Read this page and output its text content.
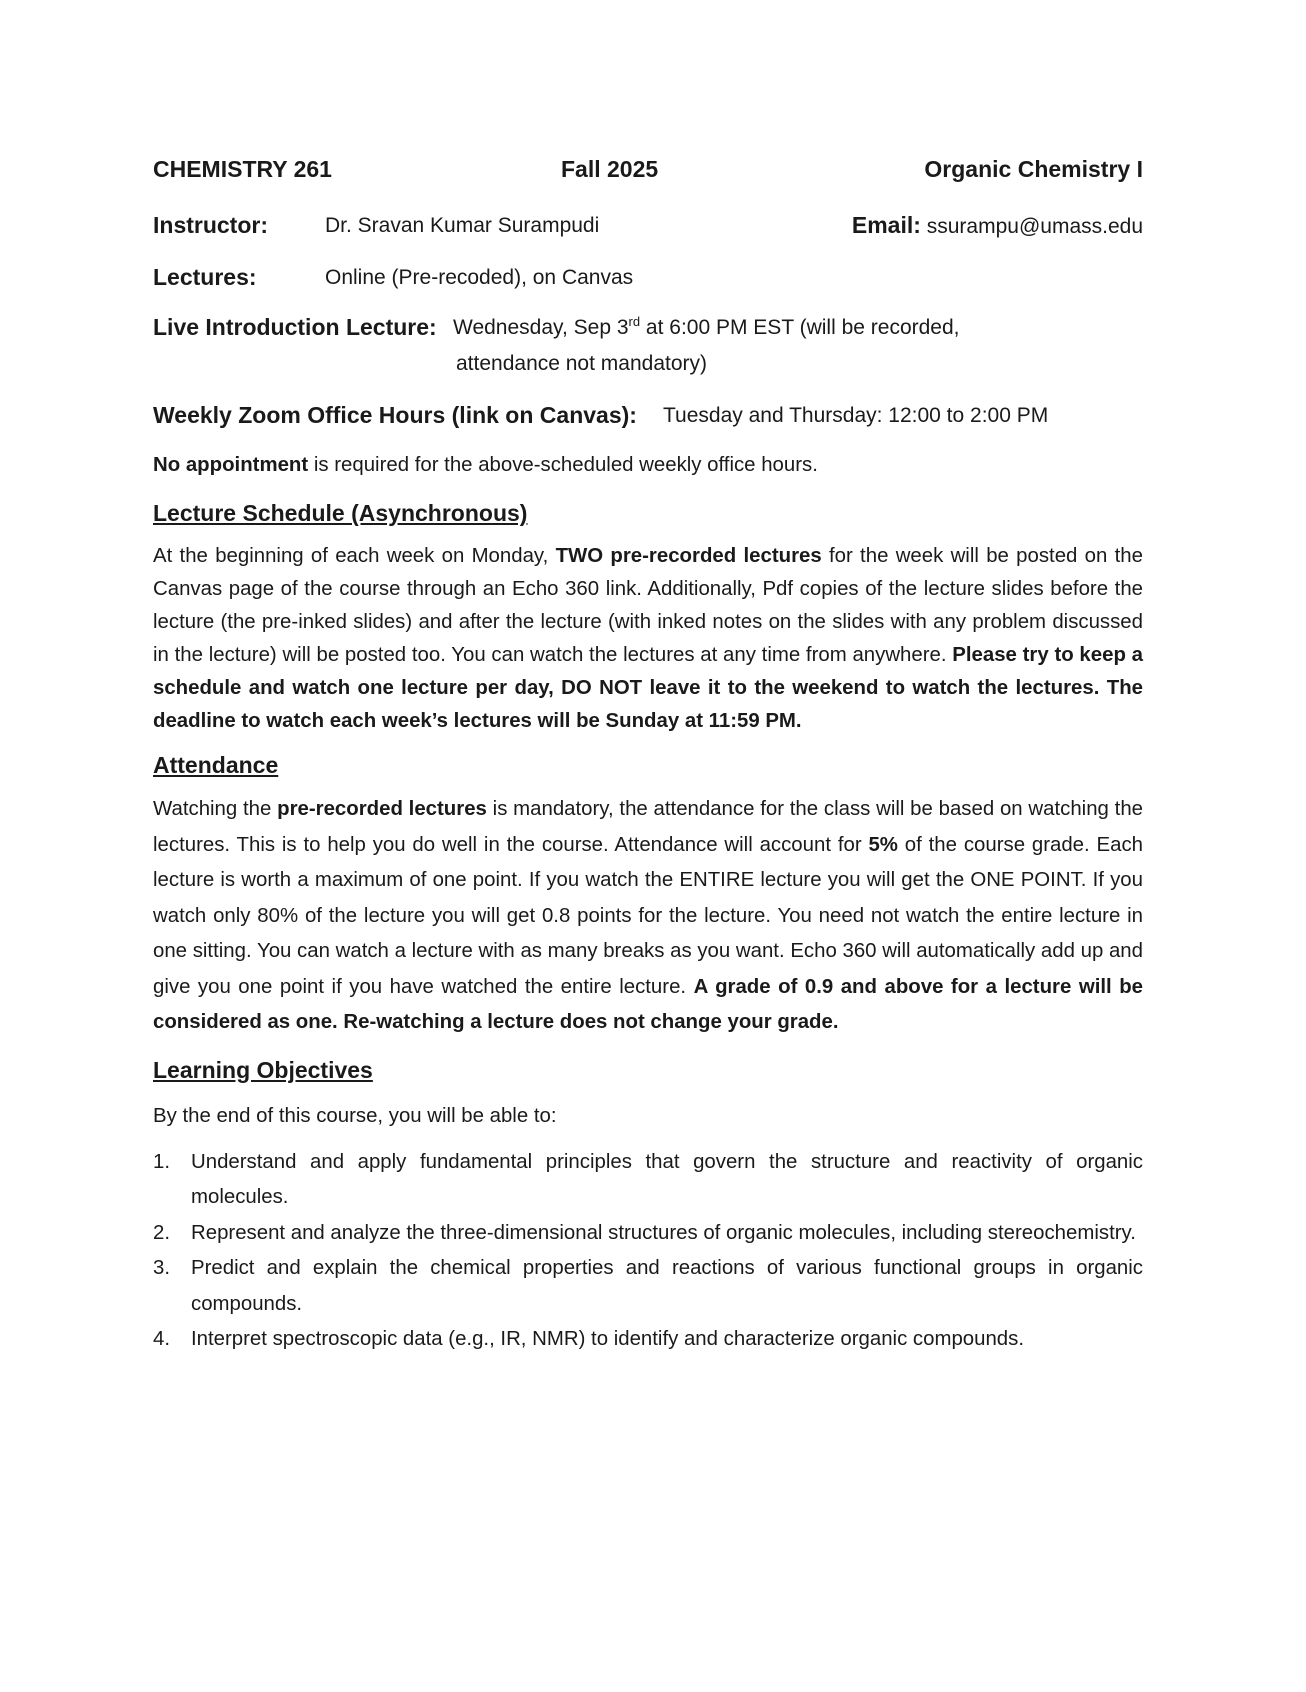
CHEMISTRY 261	Fall 2025	Organic Chemistry I
Instructor:	Dr. Sravan Kumar Surampudi	Email: ssurampu@umass.edu
Lectures:	Online (Pre-recoded), on Canvas
Live Introduction Lecture: Wednesday, Sep 3rd at 6:00 PM EST (will be recorded,
attendance not mandatory)
Weekly Zoom Office Hours (link on Canvas): Tuesday and Thursday: 12:00 to 2:00 PM

No appointment is required for the above-scheduled weekly office hours.

Lecture Schedule (Asynchronous)

At the beginning of each week on Monday, TWO pre-recorded lectures for the week will be posted on the Canvas page of the course through an Echo 360 link. Additionally, Pdf copies of the lecture slides before the lecture (the pre-inked slides) and after the lecture (with inked notes on the slides with any problem discussed in the lecture) will be posted too. You can watch the lectures at any time from anywhere. Please try to keep a schedule and watch one lecture per day, DO NOT leave it to the weekend to watch the lectures. The deadline to watch each week’s lectures will be Sunday at 11:59 PM.

Attendance

Watching the pre-recorded lectures is mandatory, the attendance for the class will be based on watching the lectures. This is to help you do well in the course. Attendance will account for 5% of the course grade. Each lecture is worth a maximum of one point. If you watch the ENTIRE lecture you will get the ONE POINT. If you watch only 80% of the lecture you will get 0.8 points for the lecture. You need not watch the entire lecture in one sitting. You can watch a lecture with as many breaks as you want. Echo 360 will automatically add up and give you one point if you have watched the entire lecture. A grade of 0.9 and above for a lecture will be considered as one. Re-watching a lecture does not change your grade.

Learning Objectives

By the end of this course, you will be able to:

1. Understand and apply fundamental principles that govern the structure and reactivity of organic molecules.
2. Represent and analyze the three-dimensional structures of organic molecules, including stereochemistry.
3. Predict and explain the chemical properties and reactions of various functional groups in organic compounds.
4. Interpret spectroscopic data (e.g., IR, NMR) to identify and characterize organic compounds.
